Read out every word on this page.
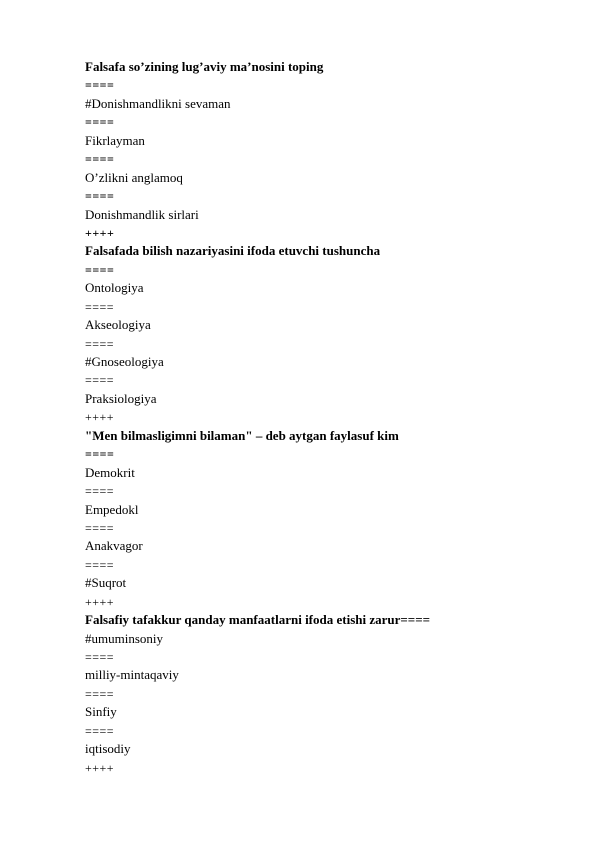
Falsafa so’zining lug’aviy ma’nosini toping
====
#Donishmandlikni sevaman
====
Fikrlayman
====
O’zlikni anglamoq
====
Donishmandlik sirlari
++++
Falsafada bilish nazariyasini ifoda etuvchi tushuncha
====
Ontologiya
====
Akseologiya
====
#Gnoseologiya
====
Praksiologiya
++++
"Men bilmasligimni bilaman" – deb aytgan faylasuf kim
====
Demokrit
====
Empedokl
====
Anakvagor
====
#Suqrot
++++
Falsafiy tafakkur qanday manfaatlarni ifoda etishi zarur====
#umuminsoniy
====
milliy-mintaqaviy
====
Sinfiy
====
iqtisodiy
++++
